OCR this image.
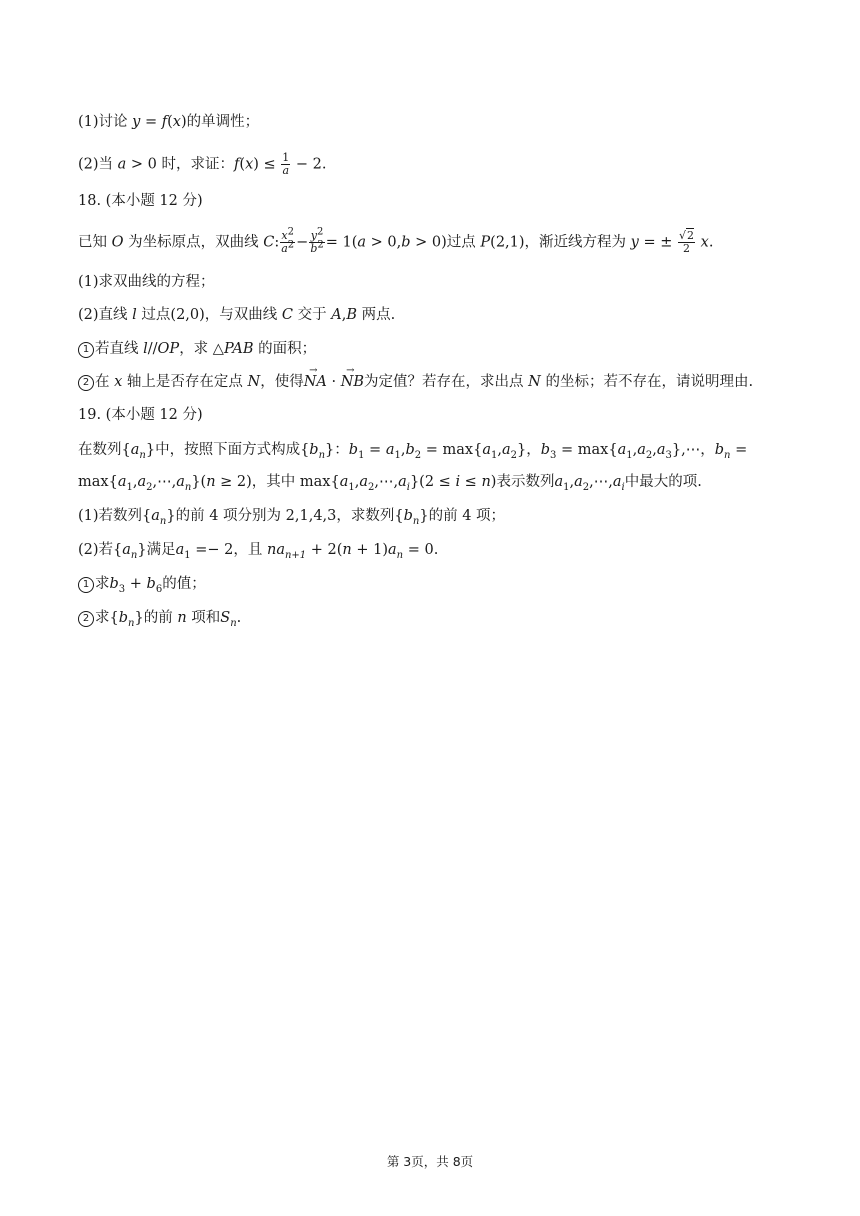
(1)讨论 y = f(x)的单调性；
(2)当 a > 0 时，求证：$f(x) \le \frac{1}{a} - 2$.
18. (本小题 12 分)
已知 O 为坐标原点，双曲线 C: $\frac{x^2}{a^2} - \frac{y^2}{b^2} = 1(a > 0,b > 0)$过点 P(2,1)，渐近线方程为 y = ± $\frac{√2}{2} x$.
(1)求双曲线的方程；
(2)直线 l 过点(2,0)，与双曲线 C 交于 A,B 两点.
1 若直线 l//OP，求 △PAB 的面积；
2 在 x 轴上是否存在定点 N，使得→ NA · → NB为定值？若存在，求出点 N 的坐标；若不存在，请说明理由.
19. (本小题 12 分)
在数列$\{a_n\}$中，按照下面方式构成$\{b_n\}$：$b_1 = a_1,b_2 = \max\{a_1,a_2\}$，$b_3$ = $\max\{a_1,a_2,a_3\},\cdots$，$b_n$ =
$\max\{a_1,a_2,\cdots,a_n\}(n \ge 2)$，其中 $\max\{a_1,a_2,\cdots,a_i\}(2 \le i \le n)$表示数列$a_1,a_2,\cdots,a_i$中最大的项.
(1)若数列$\{a_n\}$的前 4 项分别为 2,1,4,3，求数列$\{b_n\}$的前 4 项；
(2)若$\{a_n\}$满足$a_1 =- 2$，且 $na_{n+1} + 2(n + 1)a_n = 0$.
1 求$b_3 + b_6$的值；
2 求$\{b_n\}$的前 n 项和$S_n$.
第 3页，共 8页
